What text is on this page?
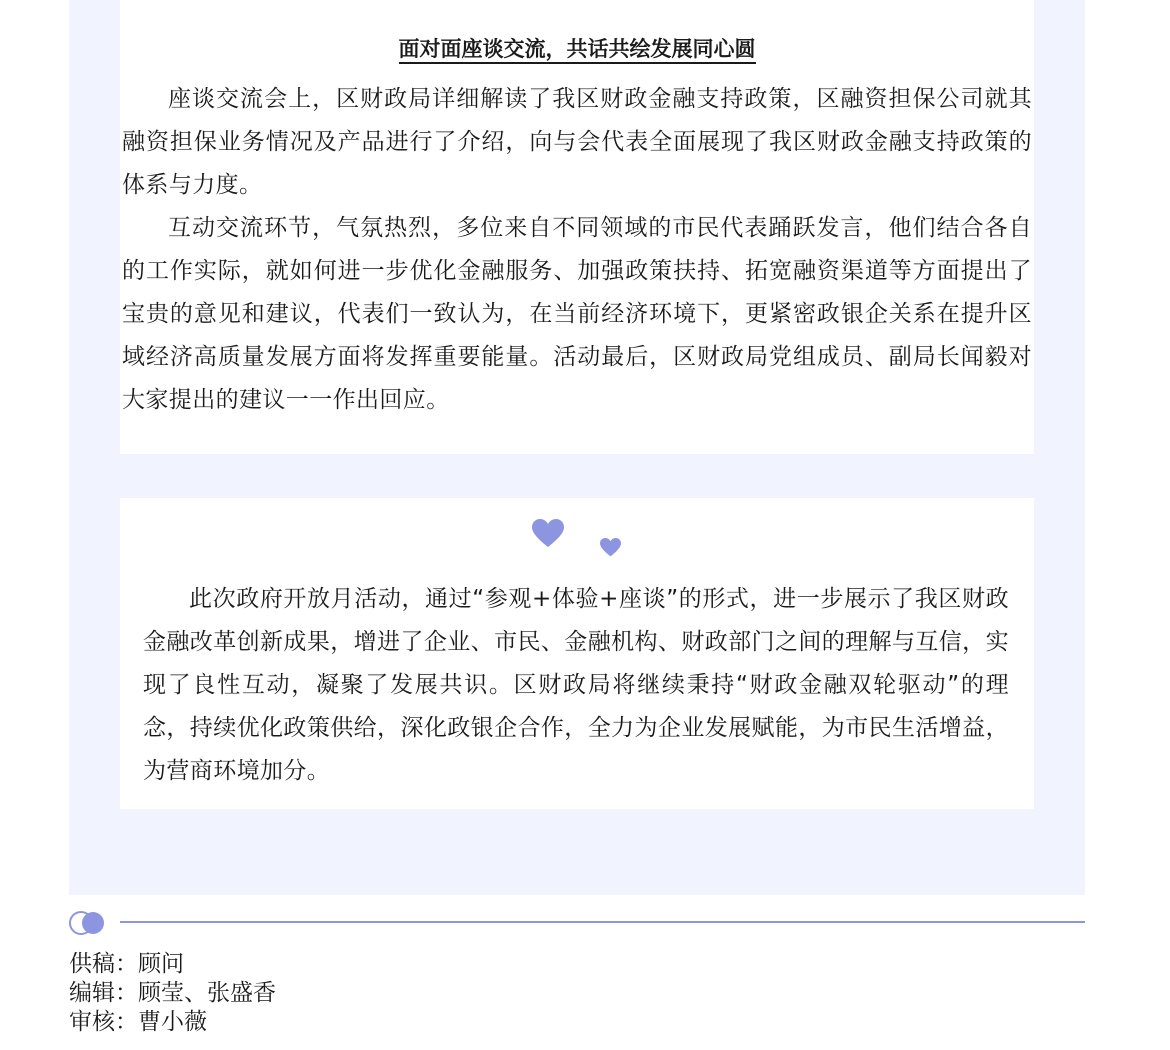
面对面座谈交流，共话共绘发展同心圆

座谈交流会上，区财政局详细解读了我区财政金融支持政策，区融资担保公司就其融资担保业务情况及产品进行了介绍，向与会代表全面展现了我区财政金融支持政策的体系与力度。

互动交流环节，气氛热烈，多位来自不同领域的市民代表踊跃发言，他们结合各自的工作实际，就如何进一步优化金融服务、加强政策扶持、拓宽融资渠道等方面提出了宝贵的意见和建议，代表们一致认为，在当前经济环境下，更紧密政银企关系在提升区域经济高质量发展方面将发挥重要能量。活动最后，区财政局党组成员、副局长闻毅对大家提出的建议一一作出回应。

此次政府开放月活动，通过“参观+体验+座谈”的形式，进一步展示了我区财政金融改革创新成果，增进了企业、市民、金融机构、财政部门之间的理解与互信，实现了良性互动，凝聚了发展共识。区财政局将继续秉持“财政金融双轮驱动”的理念，持续优化政策供给，深化政银企合作，全力为企业发展赋能，为市民生活增益，为营商环境加分。

供稿：顾问
编辑：顾莹、张盛香
审核：曹小薇
